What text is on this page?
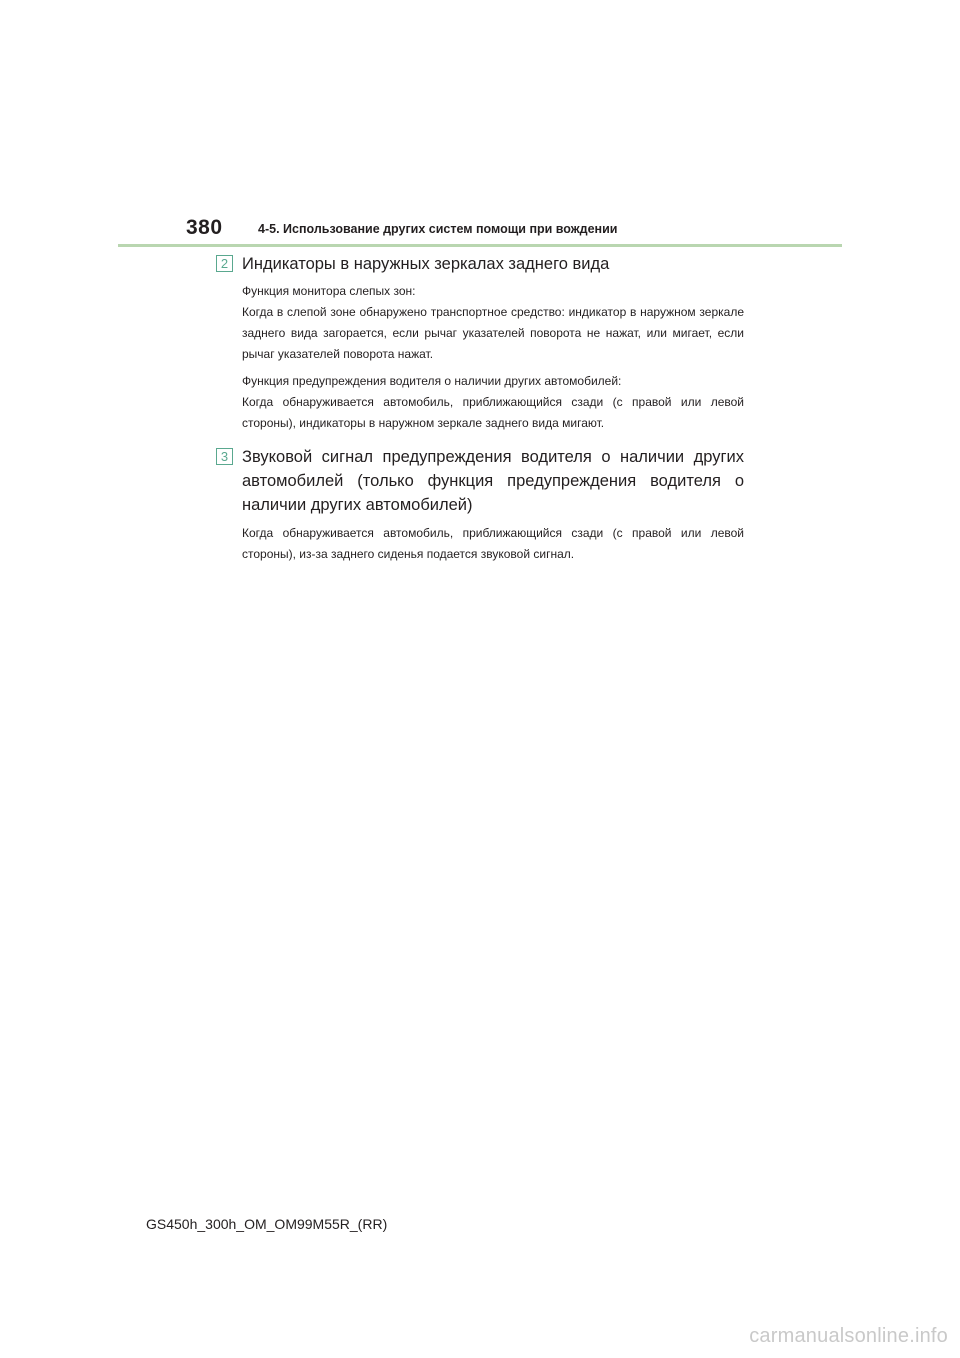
380	4-5. Использование других систем помощи при вождении
2 Индикаторы в наружных зеркалах заднего вида

Функция монитора слепых зон:
Когда в слепой зоне обнаружено транспортное средство: индикатор в наружном зеркале заднего вида загорается, если рычаг указателей поворота не нажат, или мигает, если рычаг указателей поворота нажат.

Функция предупреждения водителя о наличии других автомобилей:
Когда обнаруживается автомобиль, приближающийся сзади (с правой или левой стороны), индикаторы в наружном зеркале заднего вида мигают.

3 Звуковой сигнал предупреждения водителя о наличии других автомобилей (только функция предупреждения водителя о наличии других автомобилей)

Когда обнаруживается автомобиль, приближающийся сзади (с правой или левой стороны), из-за заднего сиденья подается звуковой сигнал.

GS450h_300h_OM_OM99M55R_(RR)
carmanualsonline.info
